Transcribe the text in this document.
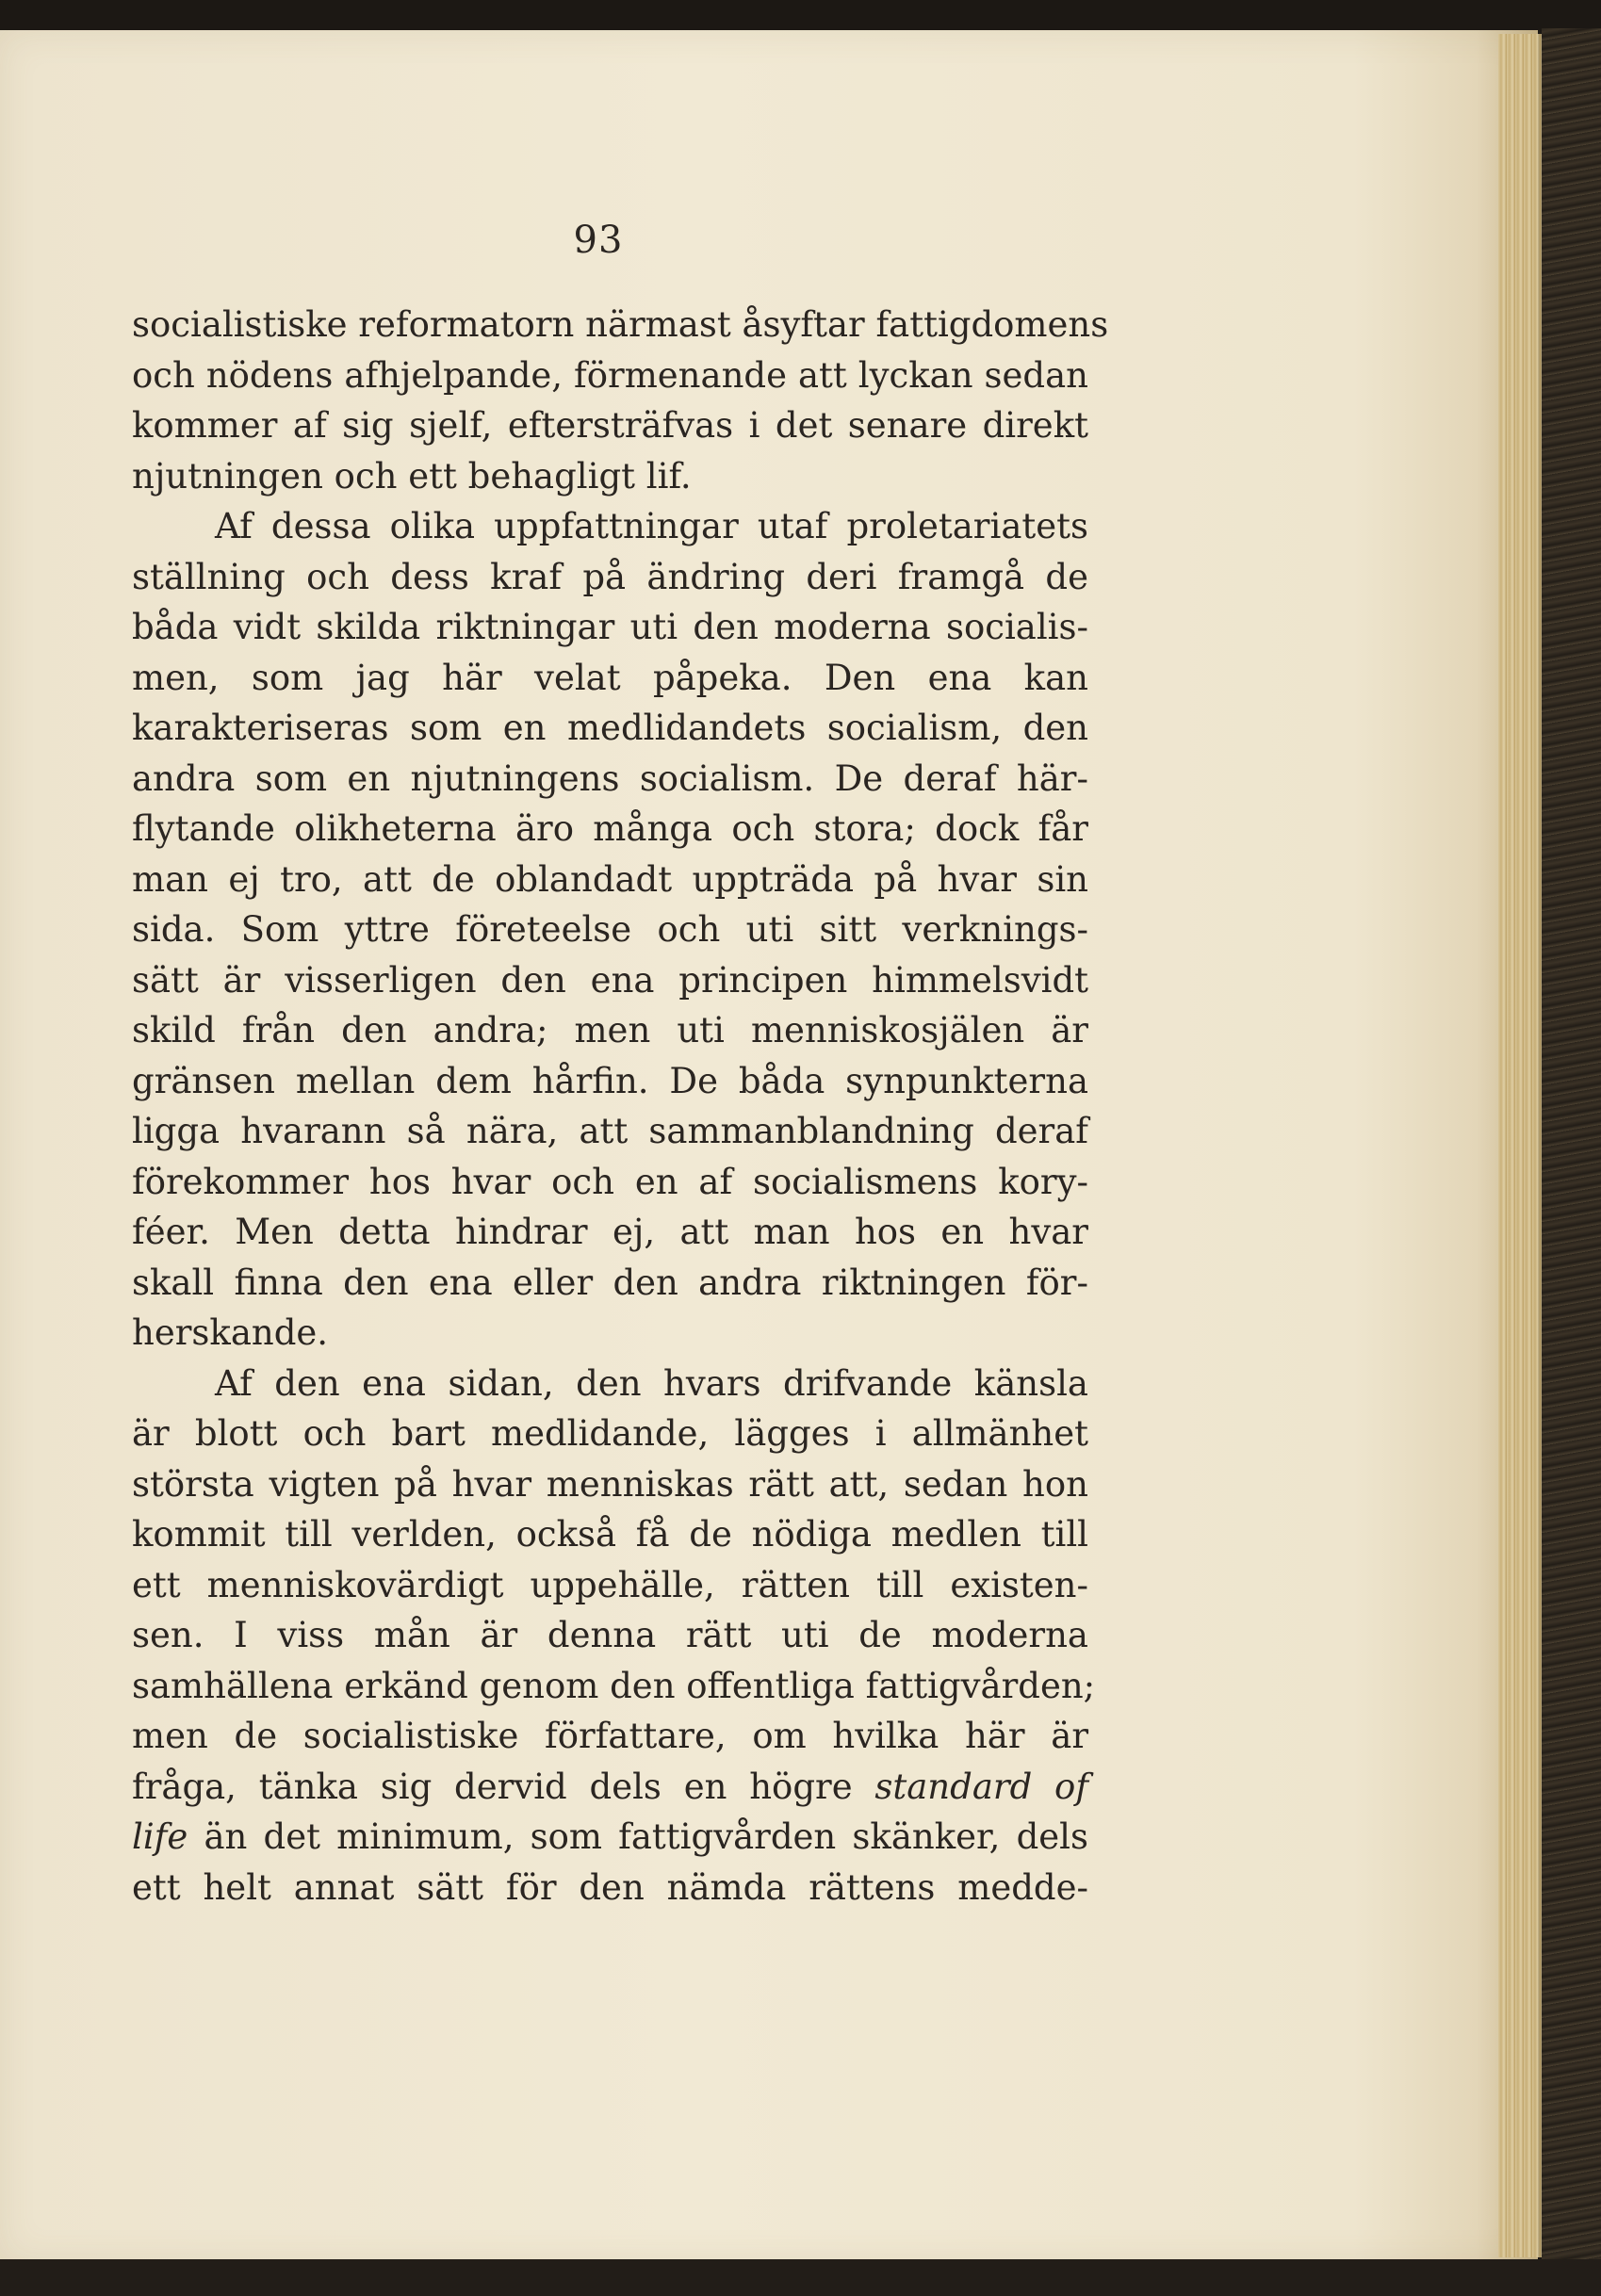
93
socialistiske reformatorn närmast åsyftar fattigdomens
och nödens afhjelpande, förmenande att lyckan sedan
kommer af sig sjelf, eftersträfvas i det senare direkt
njutningen och ett behagligt lif.
Af dessa olika uppfattningar utaf proletariatets
ställning och dess kraf på ändring deri framgå de
båda vidt skilda riktningar uti den moderna socialis-
men, som jag här velat påpeka. Den ena kan
karakteriseras som en medlidandets socialism, den
andra som en njutningens socialism. De deraf här-
flytande olikheterna äro många och stora; dock får
man ej tro, att de oblandadt uppträda på hvar sin
sida. Som yttre företeelse och uti sitt verknings-
sätt är visserligen den ena principen himmelsvidt
skild från den andra; men uti menniskosjälen är
gränsen mellan dem hårfin. De båda synpunkterna
ligga hvarann så nära, att sammanblandning deraf
förekommer hos hvar och en af socialismens kory-
féer. Men detta hindrar ej, att man hos en hvar
skall finna den ena eller den andra riktningen för-
herskande.
Af den ena sidan, den hvars drifvande känsla
är blott och bart medlidande, lägges i allmänhet
största vigten på hvar menniskas rätt att, sedan hon
kommit till verlden, också få de nödiga medlen till
ett menniskovärdigt uppehälle, rätten till existen-
sen. I viss mån är denna rätt uti de moderna
samhällena erkänd genom den offentliga fattigvården;
men de socialistiske författare, om hvilka här är
fråga, tänka sig dervid dels en högre standard of
life än det minimum, som fattigvården skänker, dels
ett helt annat sätt för den nämda rättens medde-
